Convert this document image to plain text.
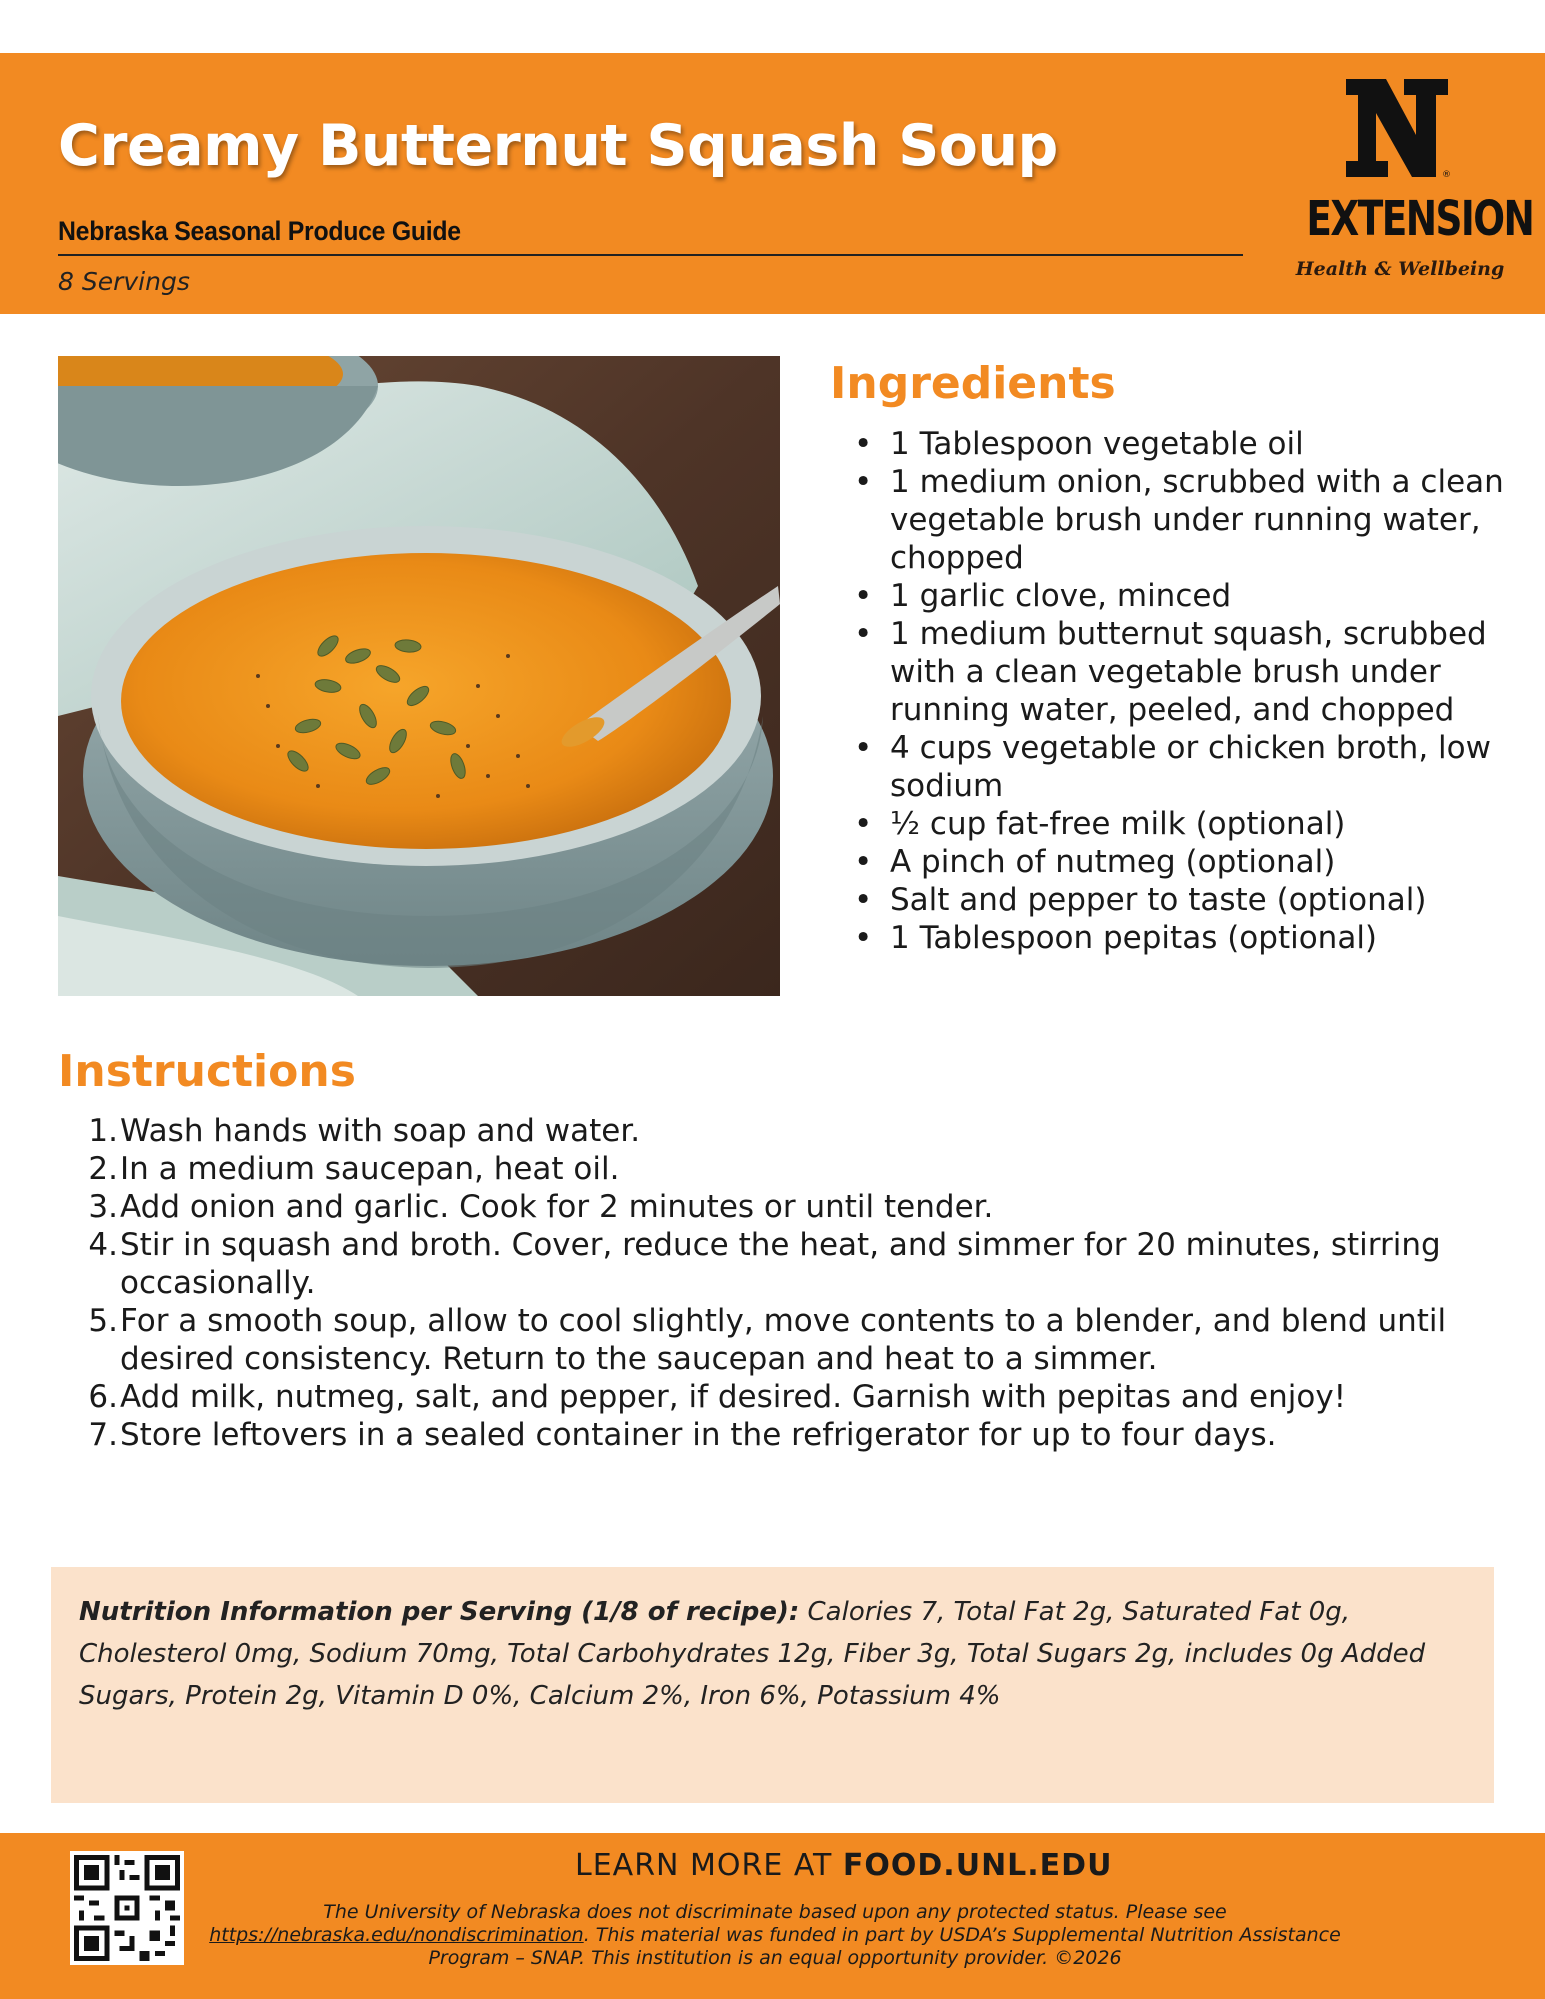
Creamy Butternut Squash Soup
Nebraska Seasonal Produce Guide
8 Servings
®
EXTENSION
Health & Wellbeing
Ingredients
• 1 Tablespoon vegetable oil
• 1 medium onion, scrubbed with a clean vegetable brush under running water, chopped
• 1 garlic clove, minced
• 1 medium butternut squash, scrubbed with a clean vegetable brush under running water, peeled, and chopped
• 4 cups vegetable or chicken broth, low sodium
• ½ cup fat-free milk (optional)
• A pinch of nutmeg (optional)
• Salt and pepper to taste (optional)
• 1 Tablespoon pepitas (optional)
Instructions
1. Wash hands with soap and water.
2. In a medium saucepan, heat oil.
3. Add onion and garlic. Cook for 2 minutes or until tender.
4. Stir in squash and broth. Cover, reduce the heat, and simmer for 20 minutes, stirring occasionally.
5. For a smooth soup, allow to cool slightly, move contents to a blender, and blend until desired consistency. Return to the saucepan and heat to a simmer.
6. Add milk, nutmeg, salt, and pepper, if desired. Garnish with pepitas and enjoy!
7. Store leftovers in a sealed container in the refrigerator for up to four days.

Nutrition Information per Serving (1/8 of recipe): Calories 7, Total Fat 2g, Saturated Fat 0g, Cholesterol 0mg, Sodium 70mg, Total Carbohydrates 12g, Fiber 3g, Total Sugars 2g, includes 0g Added Sugars, Protein 2g, Vitamin D 0%, Calcium 2%, Iron 6%, Potassium 4%

LEARN MORE AT FOOD.UNL.EDU

The University of Nebraska does not discriminate based upon any protected status. Please see https://nebraska.edu/nondiscrimination. This material was funded in part by USDA’s Supplemental Nutrition Assistance Program – SNAP. This institution is an equal opportunity provider. ©2026
